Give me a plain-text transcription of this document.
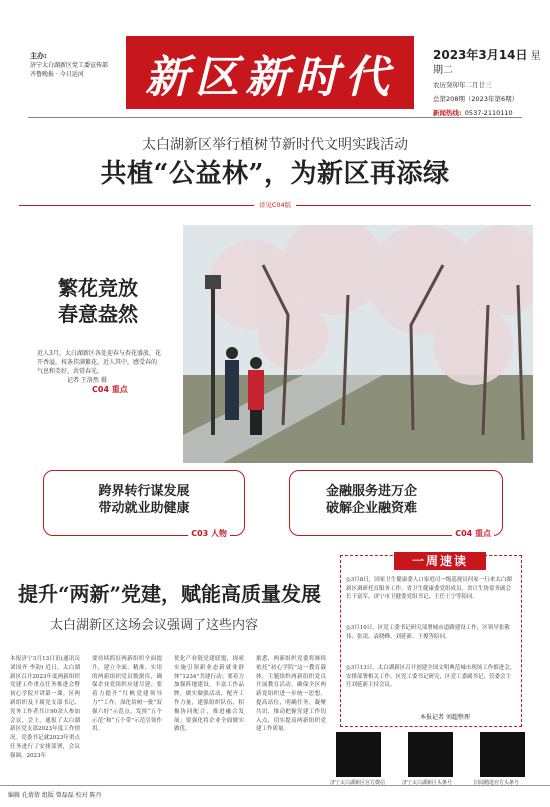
主办:
济宁太白湖新区党工委宣传部
齐鲁晚报 · 今日运河	新区新时代	2023年3月14日 星期二
农历癸卯年二月廿三
总第208期（2023年第6期）
新闻热线: 0537-2110110
太白湖新区举行植树节新时代文明实践活动
共植“公益林”，为新区再添绿
详见C04版
繁花竞放
春意盎然
近人3月，太白湖新区各处迎春与杏花盛放，花开香溢，枝条挂满繁花。近人其中，感受春的气息和美好，共赏春光。
记者 王洛然 摄
C04 重点
跨界转行谋发展
带动就业助健康
C03 人物
金融服务进万企
破解企业融资难
C04 重点
提升“两新”党建，赋能高质量发展
太白湖新区这场会议强调了这些内容
本报济宁3月13日讯(通讯员 刘国齐 李韵) 近日，太白湖新区召开2023年度两新组织党建工作重点任务推进会暨初心学院开讲第一课。区两新组织及下属党支部书记、党务工作者共计90余人参加会议。会上，通报了太白湖新区党支部2023年度工作情况。党委书记就2023年重点任务进行了安排部署，会议强调，2023年
要持续抓好两新组织全面提升，建立全面、精准、实用的两新组织党员数据库，确保企业党组织应建尽建；要着力提升“红帆党建领导力”“工作，深化培树一批“双强六好”示范点，发挥“五个示范”和“五个带”示范引领作用。
优化产业链党建联盟，探索实施引领新业态新就业群体“1234”共建行动；要着力加强阵地建设，丰富工作品牌，做实做强活动，配齐工作力量，建强组织队伍，积极协同配合，推进融合发展；要强化将企业全面做实做优。
据悉，两新组织党委将继续依托“初心学院”这一教育载体，主题组织两新组织党员开展教育活动，确保全区两新党组织进一步统一思想、提高站位，明确任务，凝聚共识，推动把握党建工作切入点，切实提高两新组织党建工作质量。
一周速读
◎3月8日，国家卫生健康委人口家庭司一级巡视员何家一行来太白湖新区调研托育服务工作。省卫生健康委党组成员、省计生协常务副会长于富军，济宁市卫健委党组书记、主任王宁等陪同。
◎3月10日，区党工委书记研究部署城市道路建设工作，区领导张敬伟、张凌、袁晓峰、刘延新、王俊等陪同。
◎3月13日，太白湖新区召开创建全国文明典范城市现场工作推进会，安排部署相关工作。区党工委书记研究，区党工委副书记、管委会主任刘延新主持会议。
本报记者 刘超整理
济宁太白湖新区官方微信	济宁太白湖新区头条号	旧闻精选官方头条号
编辑 孔倩倩 组版 曾磊磊 校对 陈丹
